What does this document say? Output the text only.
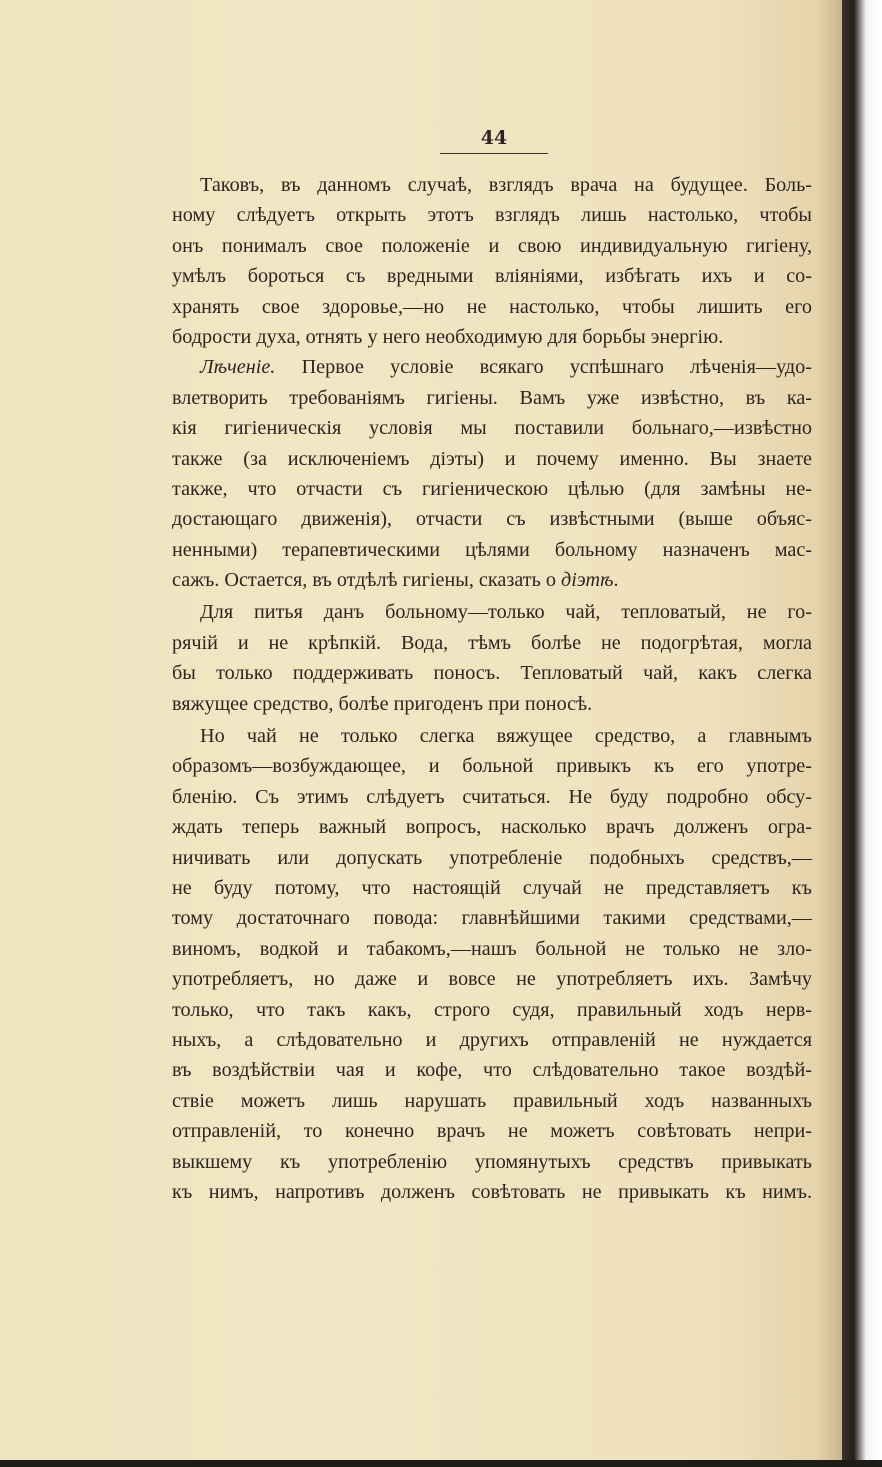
44
Таковъ, въ данномъ случаѣ, взглядъ врача на будущее. Боль-
ному слѣдуетъ открыть этотъ взглядъ лишь настолько, чтобы
онъ понималъ свое положеніе и свою индивидуальную гигіену,
умѣлъ бороться съ вредными вліяніями, избѣгать ихъ и со-
хранять свое здоровье,—но не настолько, чтобы лишить его
бодрости духа, отнять у него необходимую для борьбы энергію.
Лѣченіе. Первое условіе всякаго успѣшнаго лѣченія—удо-
влетворить требованіямъ гигіены. Вамъ уже извѣстно, въ ка-
кія гигіеническія условія мы поставили больнаго,—извѣстно
также (за исключеніемъ діэты) и почему именно. Вы знаете
также, что отчасти съ гигіеническою цѣлью (для замѣны не-
достающаго движенія), отчасти съ извѣстными (выше объяс-
ненными) терапевтическими цѣлями больному назначенъ мас-
сажъ. Остается, въ отдѣлѣ гигіены, сказать о діэтѣ.
Для питья данъ больному—только чай, тепловатый, не го-
рячій и не крѣпкій. Вода, тѣмъ болѣе не подогрѣтая, могла
бы только поддерживать поносъ. Тепловатый чай, какъ слегка
вяжущее средство, болѣе пригоденъ при поносѣ.
Но чай не только слегка вяжущее средство, а главнымъ
образомъ—возбуждающее, и больной привыкъ къ его употре-
бленію. Съ этимъ слѣдуетъ считаться. Не буду подробно обсу-
ждать теперь важный вопросъ, насколько врачъ долженъ огра-
ничивать или допускать употребленіе подобныхъ средствъ,—
не буду потому, что настоящій случай не представляетъ къ
тому достаточнаго повода: главнѣйшими такими средствами,—
виномъ, водкой и табакомъ,—нашъ больной не только не зло-
употребляетъ, но даже и вовсе не употребляетъ ихъ. Замѣчу
только, что такъ какъ, строго судя, правильный ходъ нерв-
ныхъ, а слѣдовательно и другихъ отправленій не нуждается
въ воздѣйствіи чая и кофе, что слѣдовательно такое воздѣй-
ствіе можетъ лишь нарушать правильный ходъ названныхъ
отправленій, то конечно врачъ не можетъ совѣтовать непри-
выкшему къ употребленію упомянутыхъ средствъ привыкать
къ нимъ, напротивъ долженъ совѣтовать не привыкать къ нимъ.
